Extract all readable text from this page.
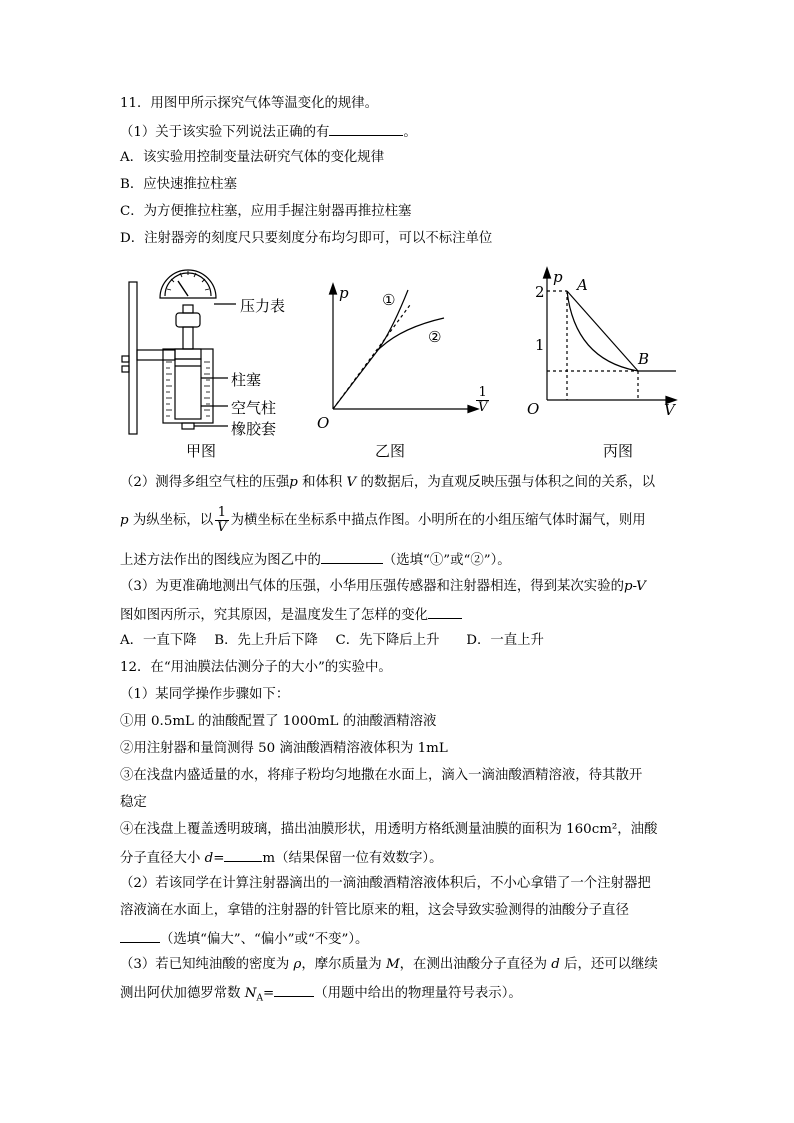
11．用图甲所示探究气体等温变化的规律。
（1）关于该实验下列说法正确的有	。
A．该实验用控制变量法研究气体的变化规律
B．应快速推拉柱塞
C．为方便推拉柱塞，应用手握注射器再推拉柱塞
D．注射器旁的刻度尺只要刻度分布均匀即可，可以不标注单位
压力表
柱塞
空气柱
橡胶套
甲图
p ①
②
O
$\frac{1}{V}$
乙图
p A
2
1
B
O	V
丙图
（2）测得多组空气柱的压强p 和体积 V 的数据后，为直观反映压强与体积之间的关系，以
p 为纵坐标，以 $\frac{1}{V}$ 为横坐标在坐标系中描点作图。小明所在的小组压缩气体时漏气，则用
上述方法作出的图线应为图乙中的	（选填“①”或“②”）。
（3）为更准确地测出气体的压强，小华用压强传感器和注射器相连，得到某次实验的p-V
图如图丙所示，究其原因，是温度发生了怎样的变化
A．一直下降　 B．先上升后下降　 C．先下降后上升　　D．一直上升
12．在“用油膜法估测分子的大小”的实验中。
（1）某同学操作步骤如下：
①用 0.5mL 的油酸配置了 1000mL 的油酸酒精溶液
②用注射器和量筒测得 50 滴油酸酒精溶液体积为 1mL
③在浅盘内盛适量的水，将痱子粉均匀地撒在水面上，滴入一滴油酸酒精溶液，待其散开
稳定
④在浅盘上覆盖透明玻璃，描出油膜形状，用透明方格纸测量油膜的面积为 160cm²，油酸
分子直径大小 d=	m（结果保留一位有效数字）。
（2）若该同学在计算注射器滴出的一滴油酸酒精溶液体积后，不小心拿错了一个注射器把
溶液滴在水面上，拿错的注射器的针管比原来的粗，这会导致实验测得的油酸分子直径
（选填“偏大”、“偏小”或“不变”）。
（3）若已知纯油酸的密度为 ρ，摩尔质量为 M，在测出油酸分子直径为 d 后，还可以继续
测出阿伏加德罗常数 $N_A=$	（用题中给出的物理量符号表示）。
